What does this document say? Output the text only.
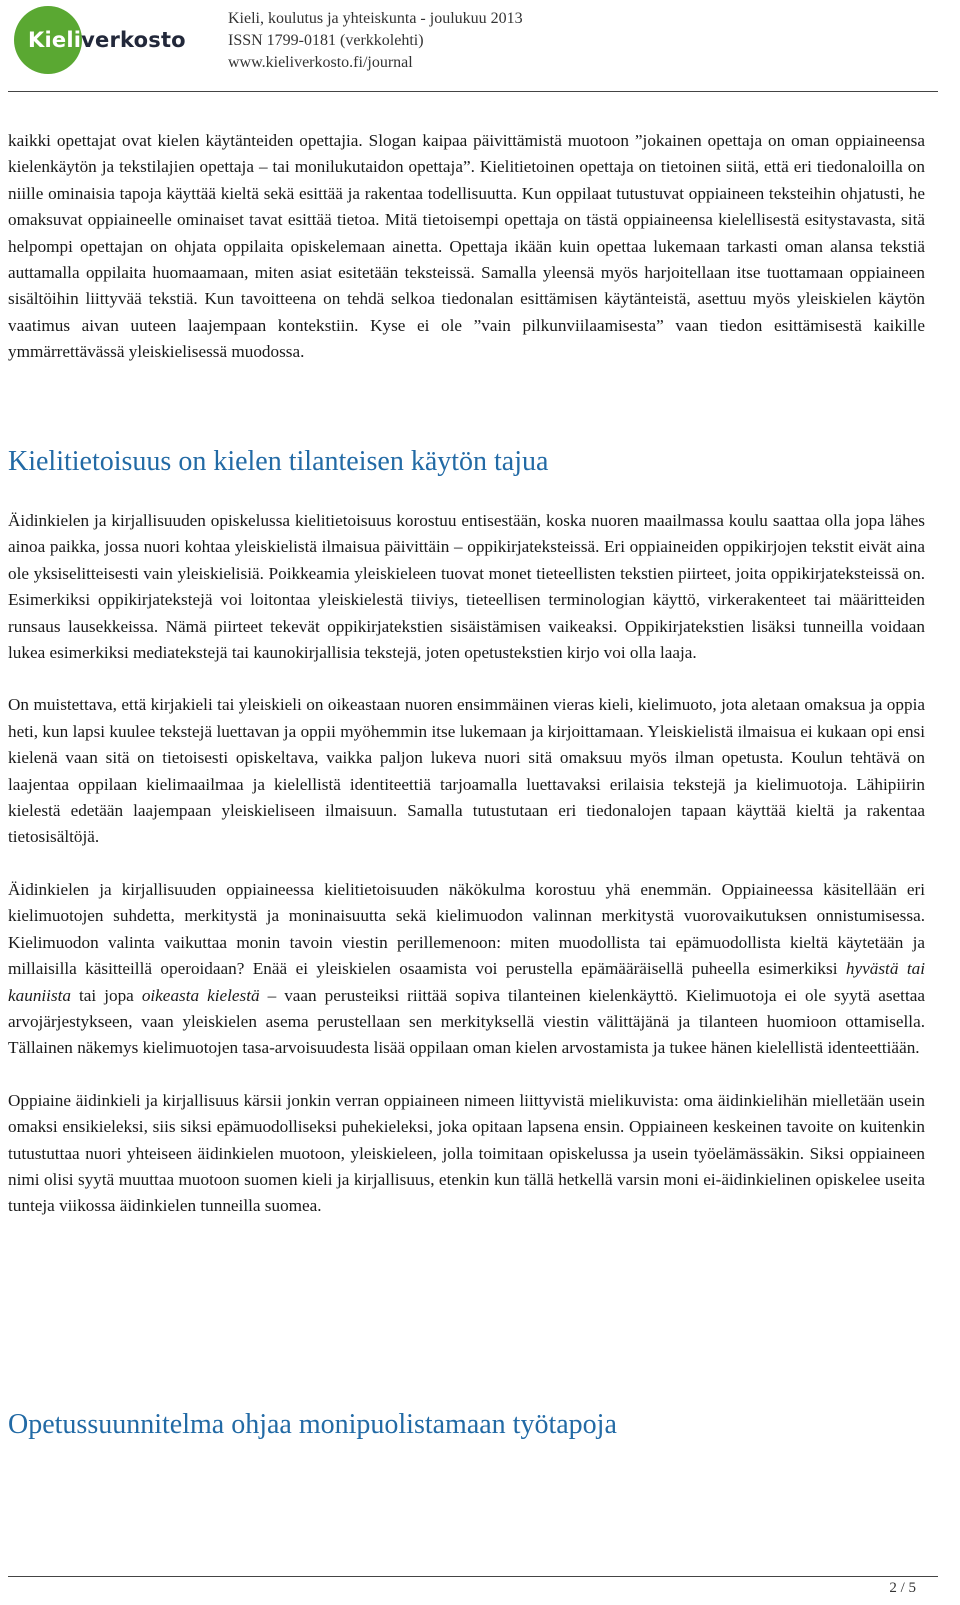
Kieliverkosto
Kieli, koulutus ja yhteiskunta - joulukuu 2013
ISSN 1799-0181 (verkkolehti)
www.kieliverkosto.fi/journal

kaikki opettajat ovat kielen käytänteiden opettajia. Slogan kaipaa päivittämistä muotoon ”jokainen opettaja on oman oppiaineensa kielenkäytön ja tekstilajien opettaja – tai monilukutaidon opettaja”. Kielitietoinen opettaja on tietoinen siitä, että eri tiedonaloilla on niille ominaisia tapoja käyttää kieltä sekä esittää ja rakentaa todellisuutta. Kun oppilaat tutustuvat oppiaineen teksteihin ohjatusti, he omaksuvat oppiaineelle ominaiset tavat esittää tietoa. Mitä tietoisempi opettaja on tästä oppiaineensa kielellisestä esitystavasta, sitä helpompi opettajan on ohjata oppilaita opiskelemaan ainetta. Opettaja ikään kuin opettaa lukemaan tarkasti oman alansa tekstiä auttamalla oppilaita huomaamaan, miten asiat esitetään teksteissä. Samalla yleensä myös harjoitellaan itse tuottamaan oppiaineen sisältöihin liittyvää tekstiä. Kun tavoitteena on tehdä selkoa tiedonalan esittämisen käytänteistä, asettuu myös yleiskielen käytön vaatimus aivan uuteen laajempaan kontekstiin. Kyse ei ole ”vain pilkunviilaamisesta” vaan tiedon esittämisestä kaikille ymmärrettävässä yleiskielisessä muodossa.

Kielitietoisuus on kielen tilanteisen käytön tajua

Äidinkielen ja kirjallisuuden opiskelussa kielitietoisuus korostuu entisestään, koska nuoren maailmassa koulu saattaa olla jopa lähes ainoa paikka, jossa nuori kohtaa yleiskielistä ilmaisua päivittäin – oppikirjateksteissä. Eri oppiaineiden oppikirjojen tekstit eivät aina ole yksiselitteisesti vain yleiskielisiä. Poikkeamia yleiskieleen tuovat monet tieteellisten tekstien piirteet, joita oppikirjateksteissä on. Esimerkiksi oppikirjatekstejä voi loitontaa yleiskielestä tiiviys, tieteellisen terminologian käyttö, virkerakenteet tai määritteiden runsaus lausekkeissa. Nämä piirteet tekevät oppikirjatekstien sisäistämisen vaikeaksi. Oppikirjatekstien lisäksi tunneilla voidaan lukea esimerkiksi mediatekstejä tai kaunokirjallisia tekstejä, joten opetustekstien kirjo voi olla laaja.

On muistettava, että kirjakieli tai yleiskieli on oikeastaan nuoren ensimmäinen vieras kieli, kielimuoto, jota aletaan omaksua ja oppia heti, kun lapsi kuulee tekstejä luettavan ja oppii myöhemmin itse lukemaan ja kirjoittamaan. Yleiskielistä ilmaisua ei kukaan opi ensi kielenä vaan sitä on tietoisesti opiskeltava, vaikka paljon lukeva nuori sitä omaksuu myös ilman opetusta. Koulun tehtävä on laajentaa oppilaan kielimaailmaa ja kielellistä identiteettiä tarjoamalla luettavaksi erilaisia tekstejä ja kielimuotoja. Lähipiirin kielestä edetään laajempaan yleiskieliseen ilmaisuun. Samalla tutustutaan eri tiedonalojen tapaan käyttää kieltä ja rakentaa tietosisältöjä.

Äidinkielen ja kirjallisuuden oppiaineessa kielitietoisuuden näkökulma korostuu yhä enemmän. Oppiaineessa käsitellään eri kielimuotojen suhdetta, merkitystä ja moninaisuutta sekä kielimuodon valinnan merkitystä vuorovaikutuksen onnistumisessa. Kielimuodon valinta vaikuttaa monin tavoin viestin perillemenoon: miten muodollista tai epämuodollista kieltä käytetään ja millaisilla käsitteillä operoidaan? Enää ei yleiskielen osaamista voi perustella epämääräisellä puheella esimerkiksi hyvästä tai kauniista tai jopa oikeasta kielestä – vaan perusteiksi riittää sopiva tilanteinen kielenkäyttö. Kielimuotoja ei ole syytä asettaa arvojärjestykseen, vaan yleiskielen asema perustellaan sen merkityksellä viestin välittäjänä ja tilanteen huomioon ottamisella. Tällainen näkemys kielimuotojen tasa-arvoisuudesta lisää oppilaan oman kielen arvostamista ja tukee hänen kielellistä identeettiään.

Oppiaine äidinkieli ja kirjallisuus kärsii jonkin verran oppiaineen nimeen liittyvistä mielikuvista: oma äidinkielihän mielletään usein omaksi ensikieleksi, siis siksi epämuodolliseksi puhekieleksi, joka opitaan lapsena ensin. Oppiaineen keskeinen tavoite on kuitenkin tutustuttaa nuori yhteiseen äidinkielen muotoon, yleiskieleen, jolla toimitaan opiskelussa ja usein työelämässäkin. Siksi oppiaineen nimi olisi syytä muuttaa muotoon suomen kieli ja kirjallisuus, etenkin kun tällä hetkellä varsin moni ei-äidinkielinen opiskelee useita tunteja viikossa äidinkielen tunneilla suomea.

Opetussuunnitelma ohjaa monipuolistamaan työtapoja
2 / 5
